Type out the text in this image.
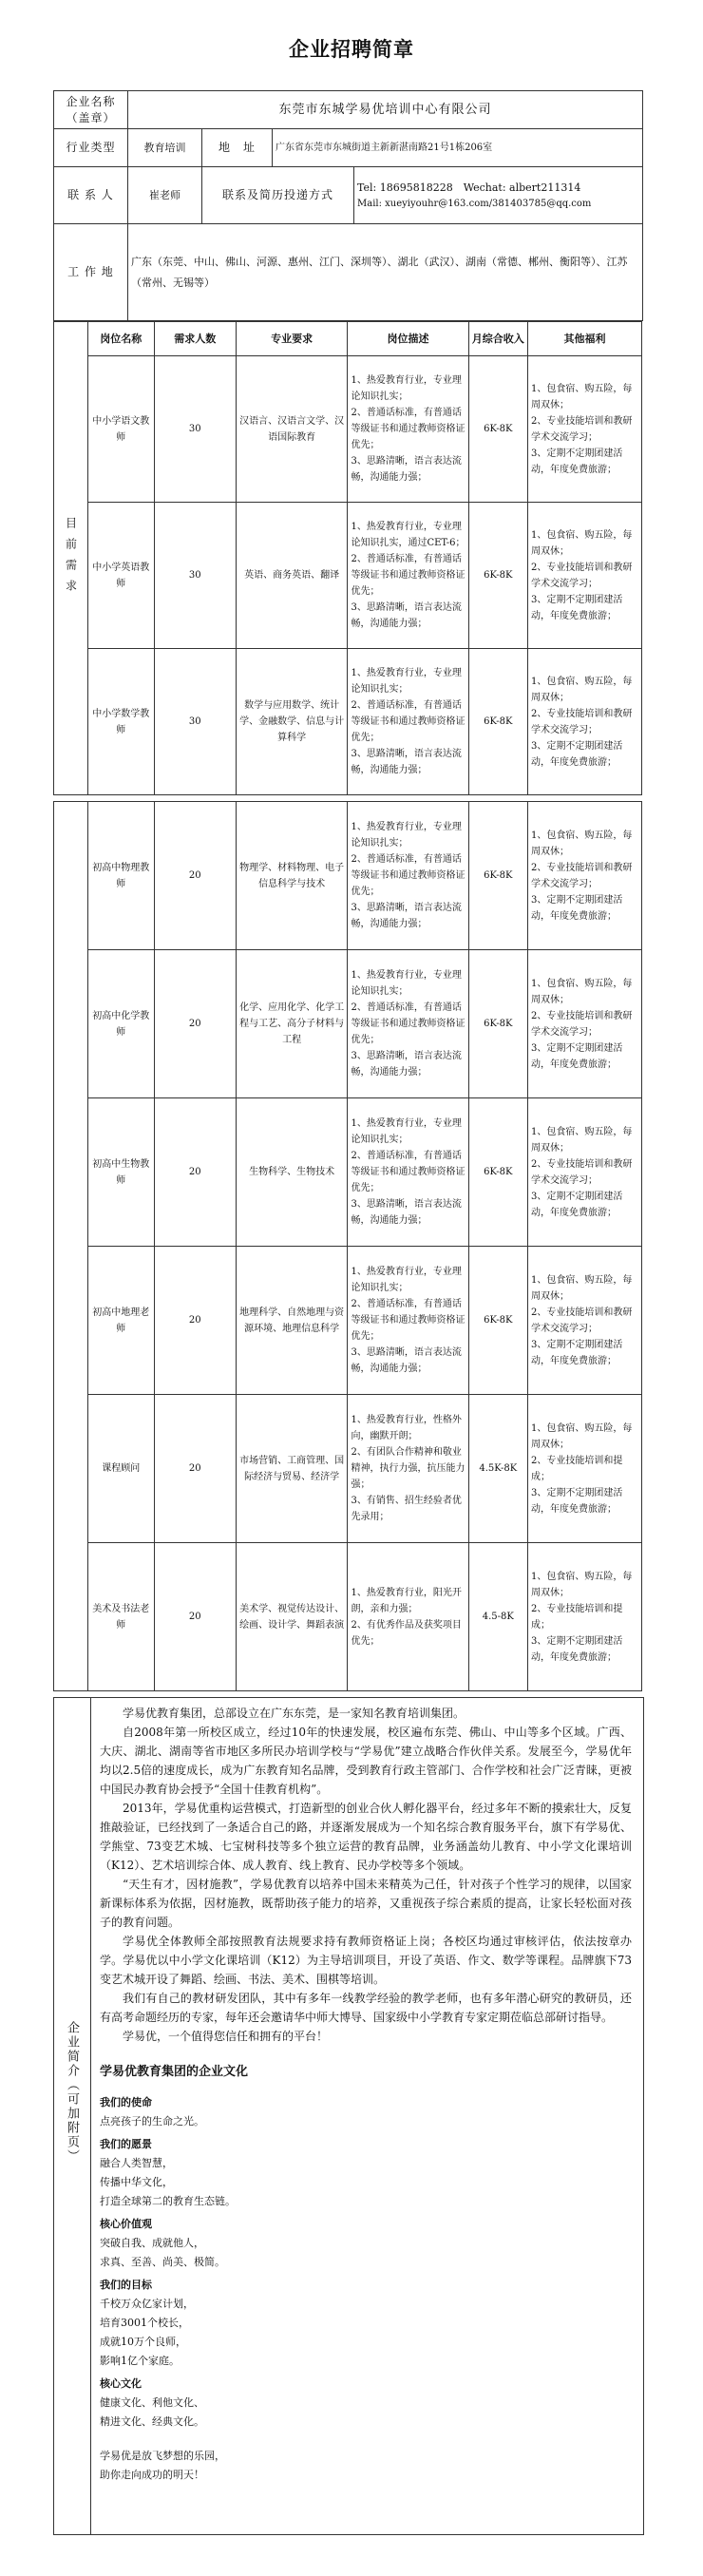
企业招聘简章
企业名称（盖章）	东莞市东城学易优培训中心有限公司			
行业类型	教育培训	地　址	广东省东莞市东城街道主新新湛南路21号1栋206室	
联 系 人	崔老师	联系及简历投递方式		Tel: 18695818228　Wechat: albert211314
Mail: xueyiyouhr@163.com/381403785@qq.com

工 作 地	广东（东莞、中山、佛山、河源、惠州、江门、深圳等）、湖北（武汉）、湖南（常德、郴州、衡阳等）、江苏（常州、无锡等）			
目前需求	岗位名称	需求人数	专业要求	岗位描述	月综合收入	其他福利
	中小学语文教师	30	汉语言、汉语言文学、汉语国际教育	1、热爱教育行业，专业理论知识扎实；
2、普通话标准，有普通话等级证书和通过教师资格证优先；
3、思路清晰，语言表达流畅，沟通能力强；	6K-8K	1、包食宿、购五险，每周双休；
2、专业技能培训和教研学术交流学习；
3、定期不定期团建活动，年度免费旅游；
	中小学英语教师	30	英语、商务英语、翻译	1、热爱教育行业，专业理论知识扎实，通过CET-6；
2、普通话标准，有普通话等级证书和通过教师资格证优先；
3、思路清晰，语言表达流畅，沟通能力强；	6K-8K	1、包食宿、购五险，每周双休；
2、专业技能培训和教研学术交流学习；
3、定期不定期团建活动，年度免费旅游；
	中小学数学教师	30	数学与应用数学、统计学、金融数学、信息与计算科学	1、热爱教育行业，专业理论知识扎实；
2、普通话标准，有普通话等级证书和通过教师资格证优先；
3、思路清晰，语言表达流畅，沟通能力强；	6K-8K	1、包食宿、购五险，每周双休；
2、专业技能培训和教研学术交流学习；
3、定期不定期团建活动，年度免费旅游；
	初高中物理教师	20	物理学、材料物理、电子信息科学与技术	1、热爱教育行业，专业理论知识扎实；
2、普通话标准，有普通话等级证书和通过教师资格证优先；
3、思路清晰，语言表达流畅，沟通能力强；	6K-8K	1、包食宿、购五险，每周双休；
2、专业技能培训和教研学术交流学习；
3、定期不定期团建活动，年度免费旅游；
	初高中化学教师	20	化学、应用化学、化学工程与工艺、高分子材料与工程	1、热爱教育行业，专业理论知识扎实；
2、普通话标准，有普通话等级证书和通过教师资格证优先；
3、思路清晰，语言表达流畅，沟通能力强；	6K-8K	1、包食宿、购五险，每周双休；
2、专业技能培训和教研学术交流学习；
3、定期不定期团建活动，年度免费旅游；
	初高中生物教师	20	生物科学、生物技术	1、热爱教育行业，专业理论知识扎实；
2、普通话标准，有普通话等级证书和通过教师资格证优先；
3、思路清晰，语言表达流畅，沟通能力强；	6K-8K	1、包食宿、购五险，每周双休；
2、专业技能培训和教研学术交流学习；
3、定期不定期团建活动，年度免费旅游；
	初高中地理老师	20	地理科学、自然地理与资源环境、地理信息科学	1、热爱教育行业，专业理论知识扎实；
2、普通话标准，有普通话等级证书和通过教师资格证优先；
3、思路清晰，语言表达流畅，沟通能力强；	6K-8K	1、包食宿、购五险，每周双休；
2、专业技能培训和教研学术交流学习；
3、定期不定期团建活动，年度免费旅游；
	课程顾问	20	市场营销、工商管理、国际经济与贸易、经济学	1、热爱教育行业，性格外向，幽默开朗；
2、有团队合作精神和敬业精神，执行力强，抗压能力强；
3、有销售、招生经验者优先录用；	4.5K-8K	1、包食宿、购五险，每周双休；
2、专业技能培训和提成；
3、定期不定期团建活动，年度免费旅游；
	美术及书法老师	20	美术学、视觉传达设计、绘画、设计学、舞蹈表演	1、热爱教育行业，阳光开朗，亲和力强；
2、有优秀作品及获奖项目优先；	4.5-8K	1、包食宿、购五险，每周双休；
2、专业技能培训和提成；
3、定期不定期团建活动，年度免费旅游；
企业简介（可加附页）

学易优教育集团，总部设立在广东东莞，是一家知名教育培训集团。

自2008年第一所校区成立，经过10年的快速发展，校区遍布东莞、佛山、中山等多个区域。广西、大庆、湖北、湖南等省市地区多所民办培训学校与“学易优”建立战略合作伙伴关系。发展至今，学易优年均以2.5倍的速度成长，成为广东教育知名品牌，受到教育行政主管部门、合作学校和社会广泛青睐，更被中国民办教育协会授予“全国十佳教育机构”。

2013年，学易优重构运营模式，打造新型的创业合伙人孵化器平台，经过多年不断的摸索壮大，反复推敲验证，已经找到了一条适合自己的路，并逐渐发展成为一个知名综合教育服务平台，旗下有学易优、学熊堂、73变艺术城、七宝树科技等多个独立运营的教育品牌，业务涵盖幼儿教育、中小学文化课培训（K12）、艺术培训综合体、成人教育、线上教育、民办学校等多个领域。

“天生有才，因材施教”，学易优教育以培养中国未来精英为己任，针对孩子个性学习的规律，以国家新课标体系为依据，因材施教，既帮助孩子能力的培养，又重视孩子综合素质的提高，让家长轻松面对孩子的教育问题。

学易优全体教师全部按照教育法规要求持有教师资格证上岗；各校区均通过审核评估，依法按章办学。学易优以中小学文化课培训（K12）为主导培训项目，开设了英语、作文、数学等课程。品牌旗下73变艺术城开设了舞蹈、绘画、书法、美术、围棋等培训。

我们有自己的教材研发团队，其中有多年一线教学经验的教学老师，也有多年潜心研究的教研员，还有高考命题经历的专家，每年还会邀请华中师大博导、国家级中小学教育专家定期莅临总部研讨指导。

学易优，一个值得您信任和拥有的平台！

学易优教育集团的企业文化
我们的使命
点亮孩子的生命之光。
我们的愿景
融合人类智慧，
传播中华文化，
打造全球第二的教育生态链。
核心价值观
突破自我、成就他人，
求真、至善、尚美、极简。
我们的目标
千校万众亿家计划，
培育3001个校长，
成就10万个良师，
影响1亿个家庭。
核心文化
健康文化、利他文化、
精进文化、经典文化。
学易优是放飞梦想的乐园，
助你走向成功的明天！
